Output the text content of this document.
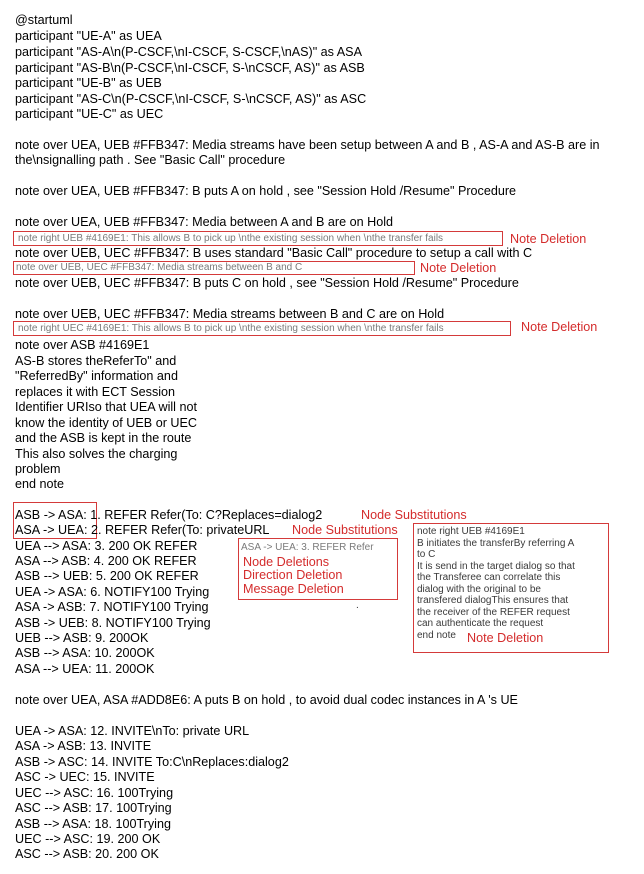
@startuml
participant "UE-A" as UEA
participant "AS-A\n(P-CSCF,\nI-CSCF, S-CSCF,\nAS)" as ASA
participant "AS-B\n(P-CSCF,\nI-CSCF, S-\nCSCF, AS)" as ASB
participant "UE-B" as UEB
participant "AS-C\n(P-CSCF,\nI-CSCF, S-\nCSCF, AS)" as ASC
participant "UE-C" as UEC
note over UEA, UEB #FFB347: Media streams have been setup between A and B , AS-A and AS-B are in
the\nsignalling path . See "Basic Call" procedure
note over UEA, UEB #FFB347: B puts A on hold , see "Session Hold /Resume" Procedure
note over UEA, UEB #FFB347: Media between A and B are on Hold
note right UEB #4169E1: This allows B to pick up \nthe existing session when \nthe transfer fails	Note Deletion
note over UEB, UEC #FFB347: B uses standard "Basic Call" procedure to setup a call with C
note over UEB, UEC #FFB347: Media streams between B and C	Note Deletion
note over UEB, UEC #FFB347: B puts C on hold , see "Session Hold /Resume" Procedure
note over UEB, UEC #FFB347: Media streams between B and C are on Hold
note right UEC #4169E1: This allows B to pick up \nthe existing session when \nthe transfer fails	Note Deletion
note over ASB #4169E1
AS-B stores theReferTo" and
"ReferredBy" information and
replaces it with ECT Session
Identifier URIso that UEA will not
know the identity of UEB or UEC
and the ASB is kept in the route
This also solves the charging
problem
end note
ASB -> ASA: 1. REFER Refer(To: C?Replaces=dialog2	Node Substitutions
ASA -> UEA: 2. REFER Refer(To: privateURL Node Substitutions
UEA --> ASA: 3. 200 OK REFER
ASA --> ASB: 4. 200 OK REFER
ASB --> UEB: 5. 200 OK REFER
UEA -> ASA: 6. NOTIFY100 Trying
ASA -> ASB: 7. NOTIFY100 Trying
ASB -> UEB: 8. NOTIFY100 Trying
UEB --> ASB: 9. 200OK
ASB --> ASA: 10. 200OK
ASA --> UEA: 11. 200OK
ASA -> UEA: 3. REFER Refer
Node Deletions
Direction Deletion
Message Deletion
.
note right UEB #4169E1
B initiates the transferBy referring A
to C
It is send in the target dialog so that
the Transferee can correlate this
dialog with the original to be
transfered dialogThis ensures that
the receiver of the REFER request
can authenticate the request
end note Note Deletion
note over UEA, ASA #ADD8E6: A puts B on hold , to avoid dual codec instances in A 's UE
UEA -> ASA: 12. INVITE\nTo: private URL
ASA -> ASB: 13. INVITE
ASB -> ASC: 14. INVITE To:C\nReplaces:dialog2
ASC -> UEC: 15. INVITE
UEC --> ASC: 16. 100Trying
ASC --> ASB: 17. 100Trying
ASB --> ASA: 18. 100Trying
UEC --> ASC: 19. 200 OK
ASC --> ASB: 20. 200 OK
